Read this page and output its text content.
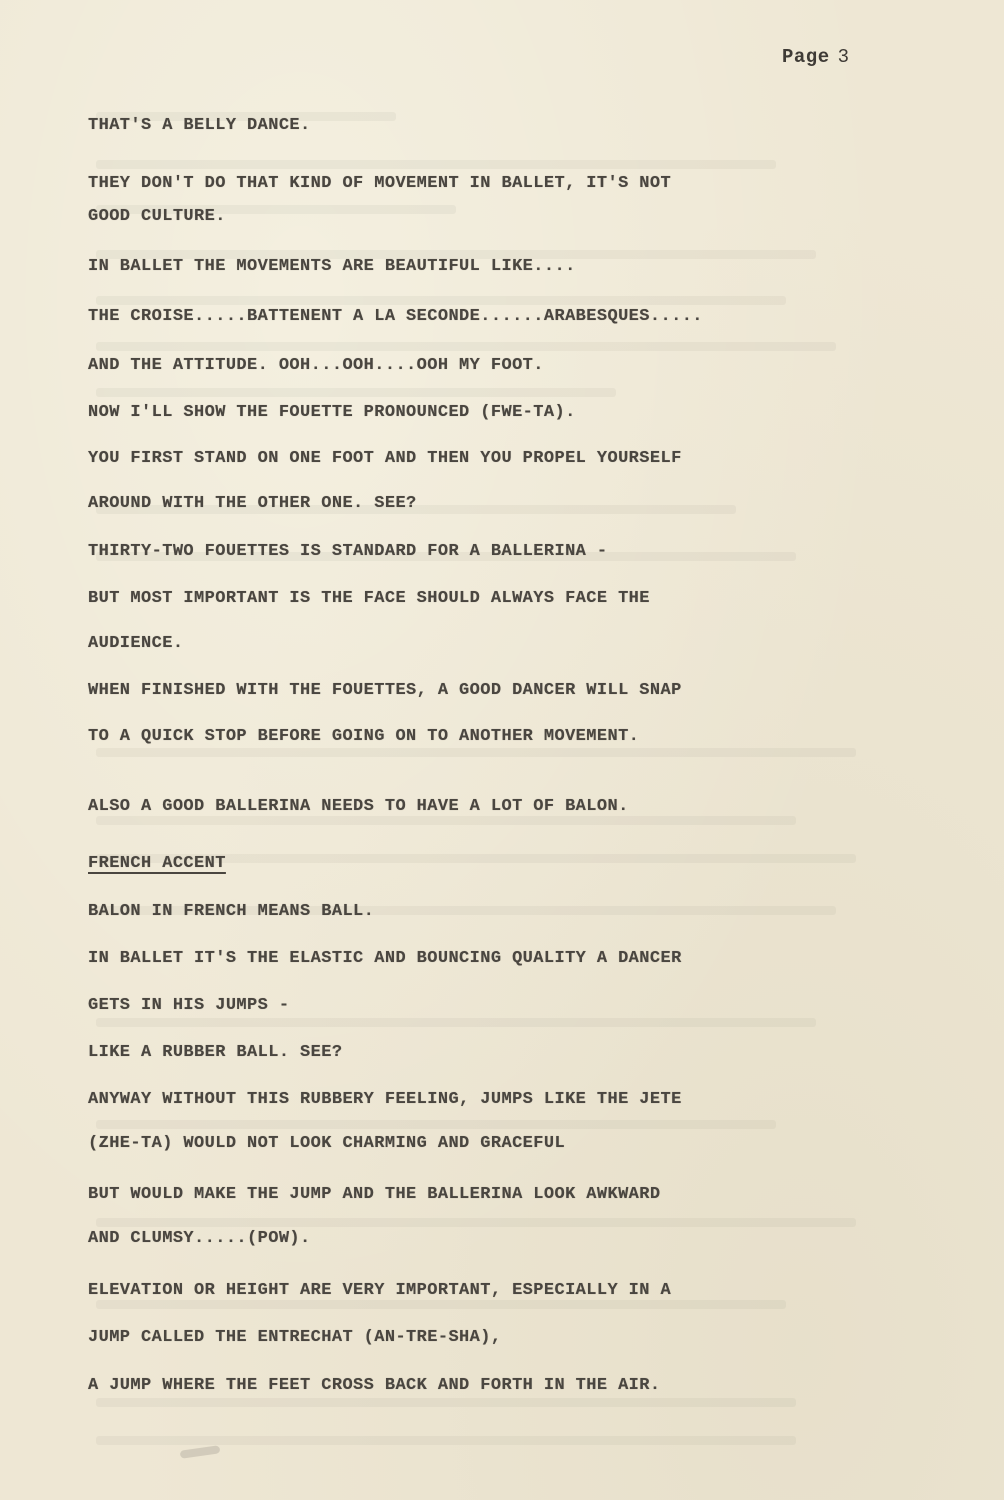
Page 3
THAT'S A BELLY DANCE.
THEY DON'T DO THAT KIND OF MOVEMENT IN BALLET, IT'S NOT
GOOD CULTURE.
IN BALLET THE MOVEMENTS ARE BEAUTIFUL LIKE....
THE CROISE.....BATTENENT A LA SECONDE......ARABESQUES.....
AND THE ATTITUDE. OOH...OOH....OOH MY FOOT.
NOW I'LL SHOW THE FOUETTE PRONOUNCED (FWE-TA).
YOU FIRST STAND ON ONE FOOT AND THEN YOU PROPEL YOURSELF
AROUND WITH THE OTHER ONE. SEE?
THIRTY-TWO FOUETTES IS STANDARD FOR A BALLERINA -
BUT MOST IMPORTANT IS THE FACE SHOULD ALWAYS FACE THE
AUDIENCE.
WHEN FINISHED WITH THE FOUETTES, A GOOD DANCER WILL SNAP
TO A QUICK STOP BEFORE GOING ON TO ANOTHER MOVEMENT.
ALSO A GOOD BALLERINA NEEDS TO HAVE A LOT OF BALON.
FRENCH ACCENT
BALON IN FRENCH MEANS BALL.
IN BALLET IT'S THE ELASTIC AND BOUNCING QUALITY A DANCER
GETS IN HIS JUMPS -
LIKE A RUBBER BALL. SEE?
ANYWAY WITHOUT THIS RUBBERY FEELING, JUMPS LIKE THE JETE
(ZHE-TA) WOULD NOT LOOK CHARMING AND GRACEFUL
BUT WOULD MAKE THE JUMP AND THE BALLERINA LOOK AWKWARD
AND CLUMSY.....(POW).
ELEVATION OR HEIGHT ARE VERY IMPORTANT, ESPECIALLY IN A
JUMP CALLED THE ENTRECHAT (AN-TRE-SHA),
A JUMP WHERE THE FEET CROSS BACK AND FORTH IN THE AIR.
